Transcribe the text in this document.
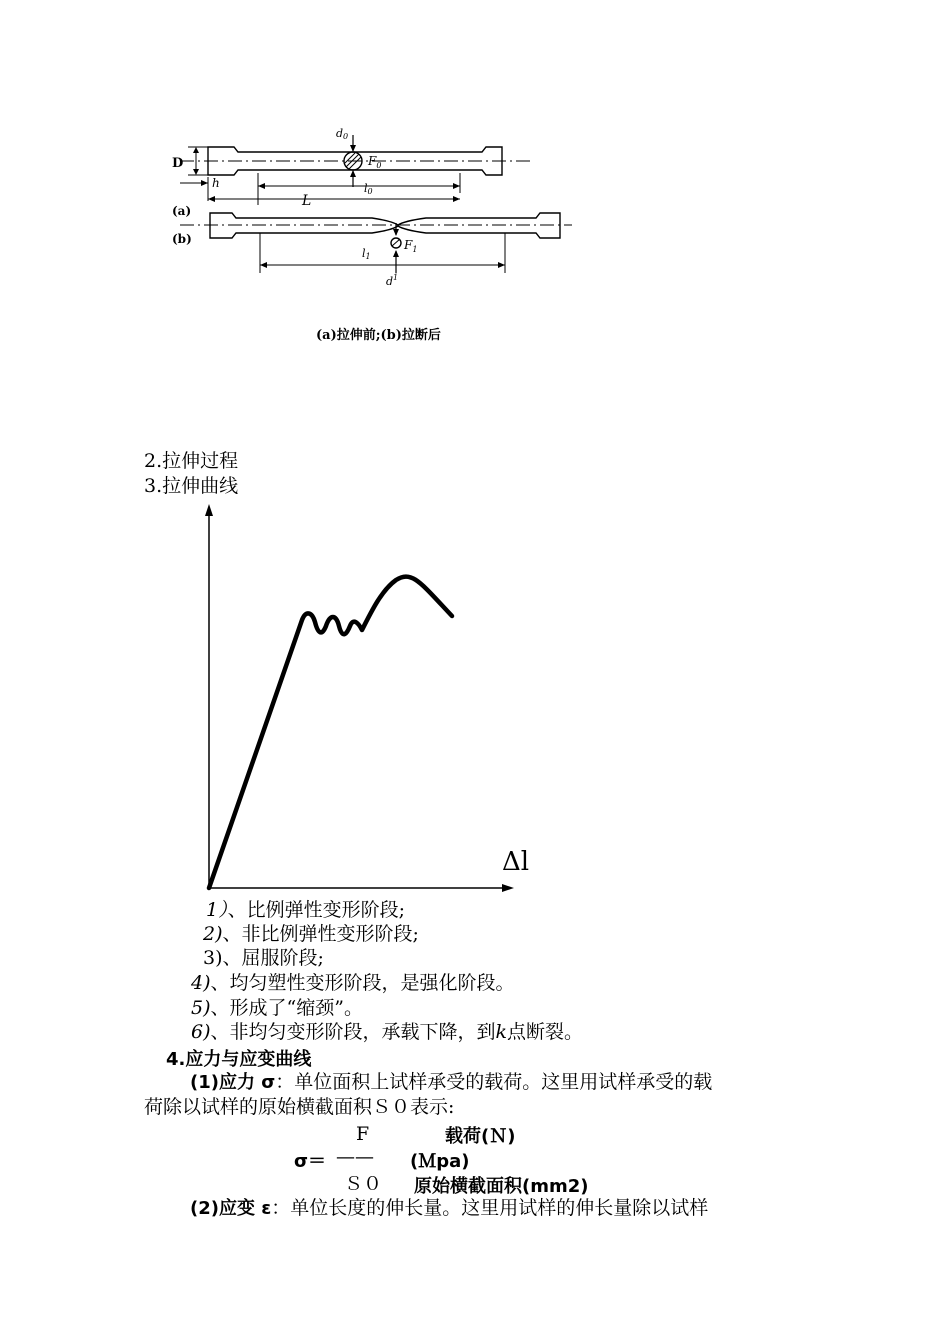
D
d0
$F_0$
h	l0
L
(a)
(b)
l1
$F_1$
$d^1$
(a)拉伸前;(b)拉断后
2.拉伸过程
3.拉伸曲线
Δl
1）、比例弹性变形阶段;
2)、非比例弹性变形阶段;
3)、屈服阶段;
4)、均匀塑性变形阶段，是强化阶段。
5)、形成了“缩颈”。
6)、非均匀变形阶段，承载下降，到k点断裂。
4.应力与应变曲线
(1)应力 σ：单位面积上试样承受的载荷。这里用试样承受的载
荷除以试样的原始横截面积Ｓ０表示:
F	载荷(Ｎ)
σ＝ —— (Ｍpa)
Ｓ０ 原始横截面积(mm2)
(2)应变 ε：单位长度的伸长量。这里用试样的伸长量除以试样
